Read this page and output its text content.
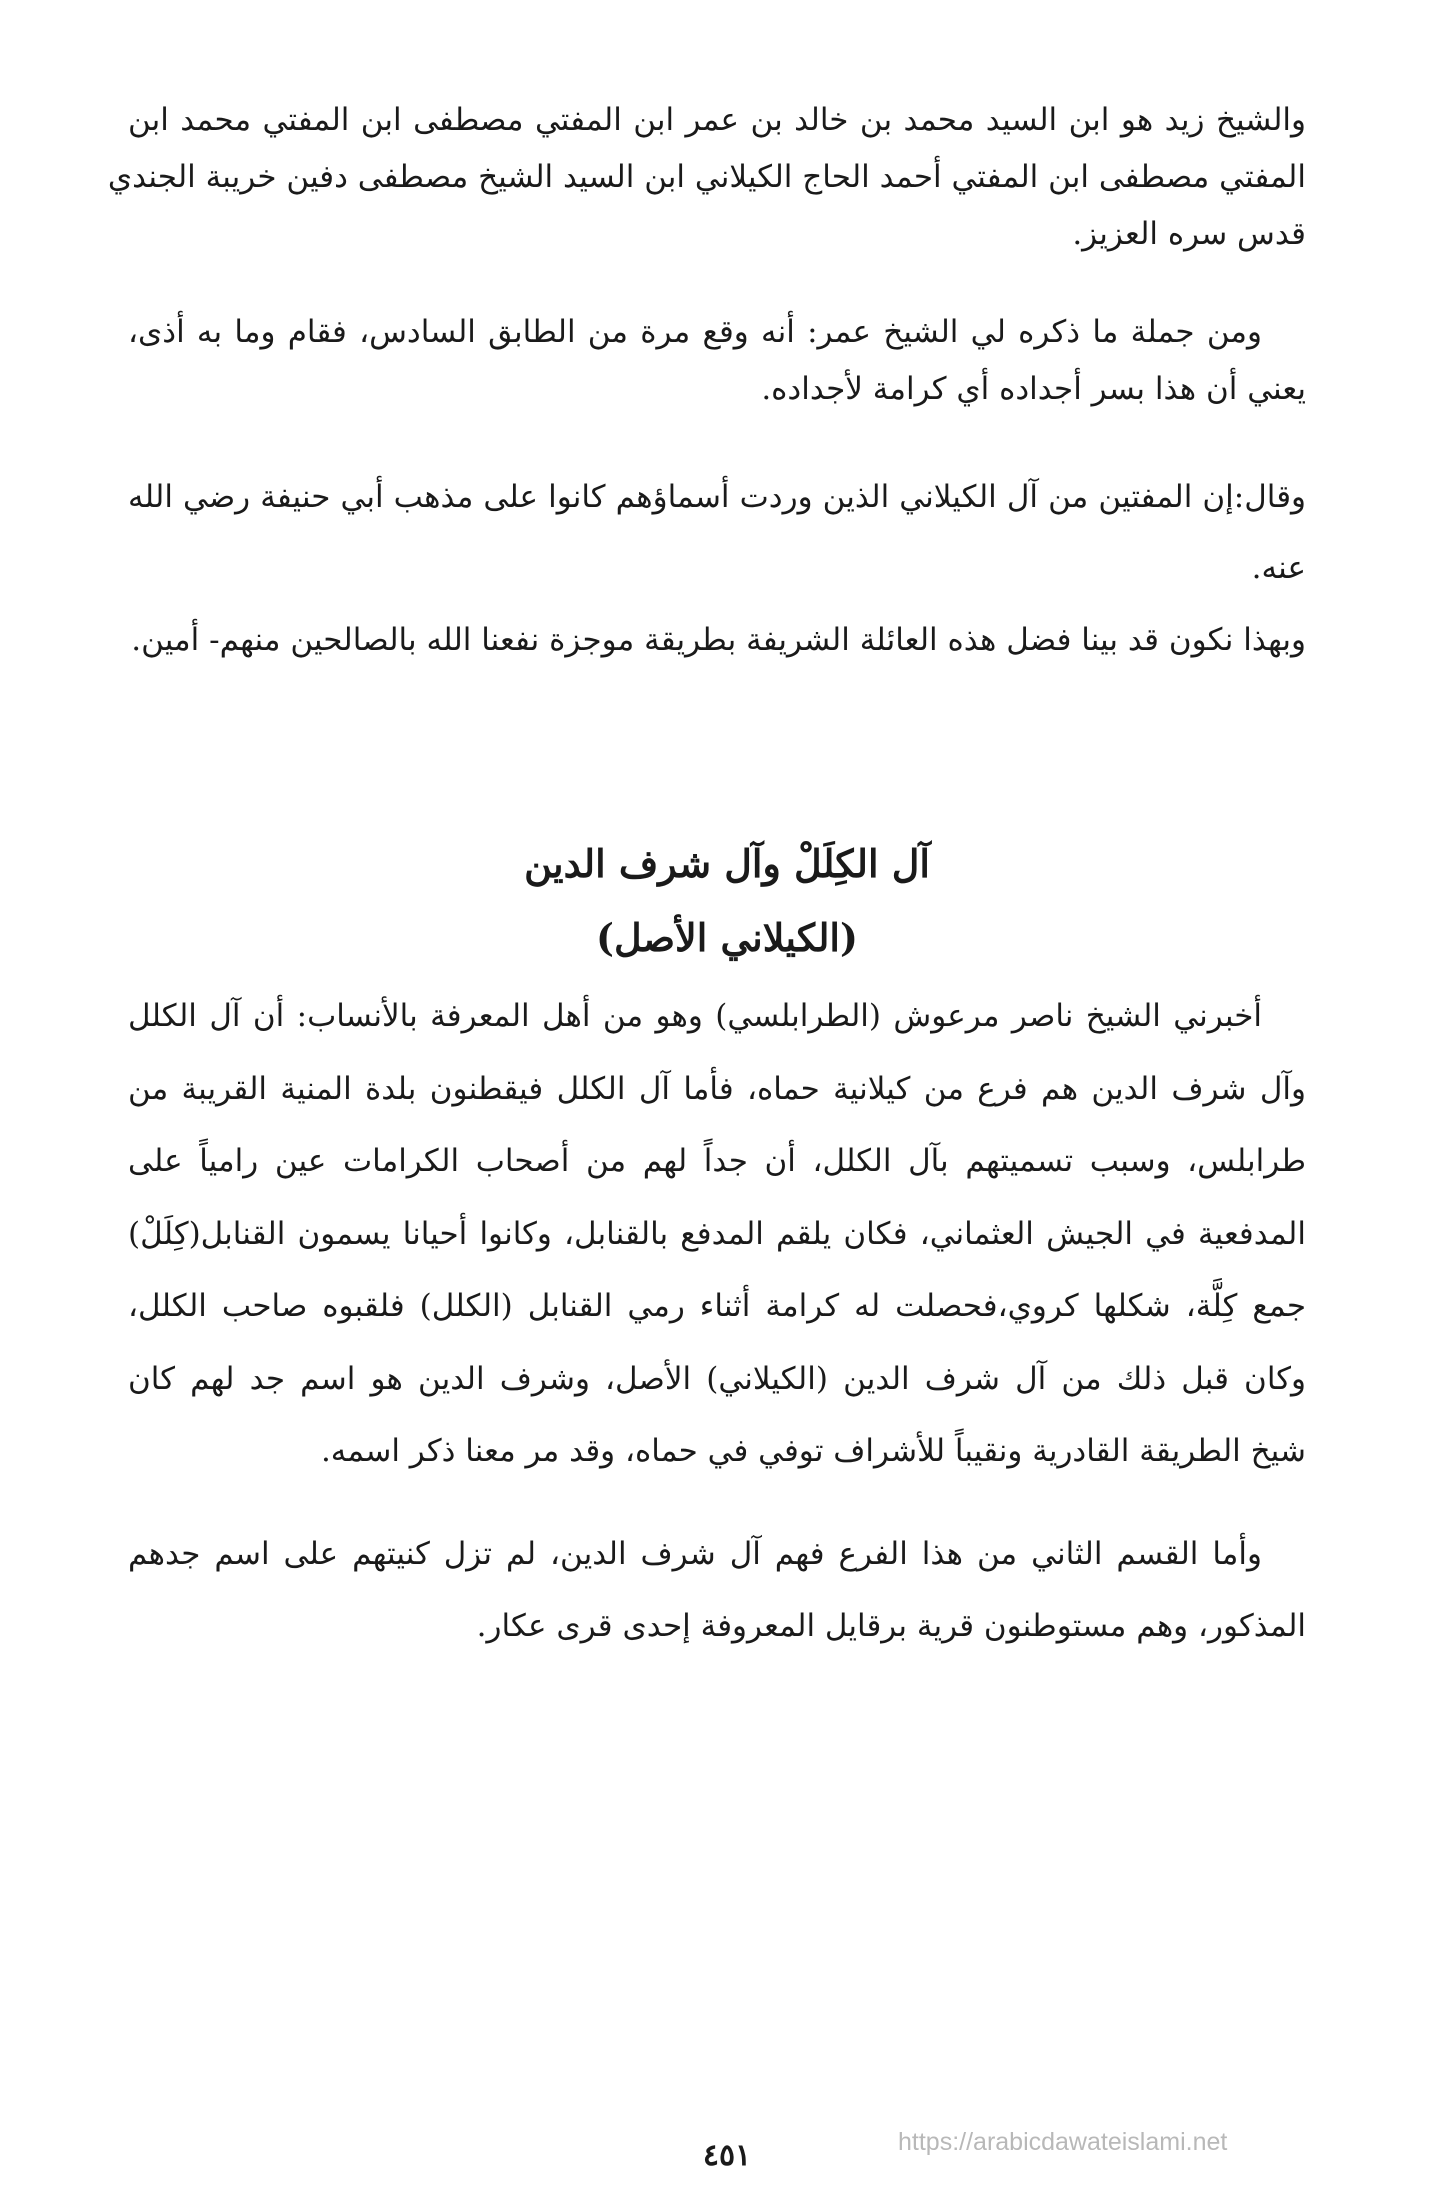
والشيخ زيد هو ابن السيد محمد بن خالد بن عمر ابن المفتي مصطفى ابن المفتي محمد ابن
المفتي مصطفى ابن المفتي أحمد الحاج الكيلاني ابن السيد الشيخ مصطفى دفين خريبة الجندي
قدس سره العزيز.
ومن جملة ما ذكره لي الشيخ عمر: أنه وقع مرة من الطابق السادس، فقام وما به أذى،
يعني أن هذا بسر أجداده أي كرامة لأجداده.
وقال:إن المفتين من آل الكيلاني الذين وردت أسماؤهم كانوا على مذهب أبي حنيفة رضي الله
عنه.
وبهذا نكون قد بينا فضل هذه العائلة الشريفة بطريقة موجزة نفعنا الله بالصالحين منهم- أمين.
آل الكِلَلْ وآل شرف الدين
(الكيلاني الأصل)
أخبرني الشيخ ناصر مرعوش (الطرابلسي) وهو من أهل المعرفة بالأنساب: أن آل الكلل
وآل شرف الدين هم فرع من كيلانية حماه، فأما آل الكلل فيقطنون بلدة المنية القريبة من
طرابلس، وسبب تسميتهم بآل الكلل، أن جداً لهم من أصحاب الكرامات عين رامياً على
المدفعية في الجيش العثماني، فكان يلقم المدفع بالقنابل، وكانوا أحيانا يسمون القنابل(كِلَلْ)
جمع كِلَّة، شكلها كروي،فحصلت له كرامة أثناء رمي القنابل (الكلل) فلقبوه صاحب الكلل،
وكان قبل ذلك من آل شرف الدين (الكيلاني) الأصل، وشرف الدين هو اسم جد لهم كان
شيخ الطريقة القادرية ونقيباً للأشراف توفي في حماه، وقد مر معنا ذكر اسمه.
وأما القسم الثاني من هذا الفرع فهم آل شرف الدين، لم تزل كنيتهم على اسم جدهم
المذكور، وهم مستوطنون قرية برقايل المعروفة إحدى قرى عكار.
٤٥١	https://arabicdawateislami.net
